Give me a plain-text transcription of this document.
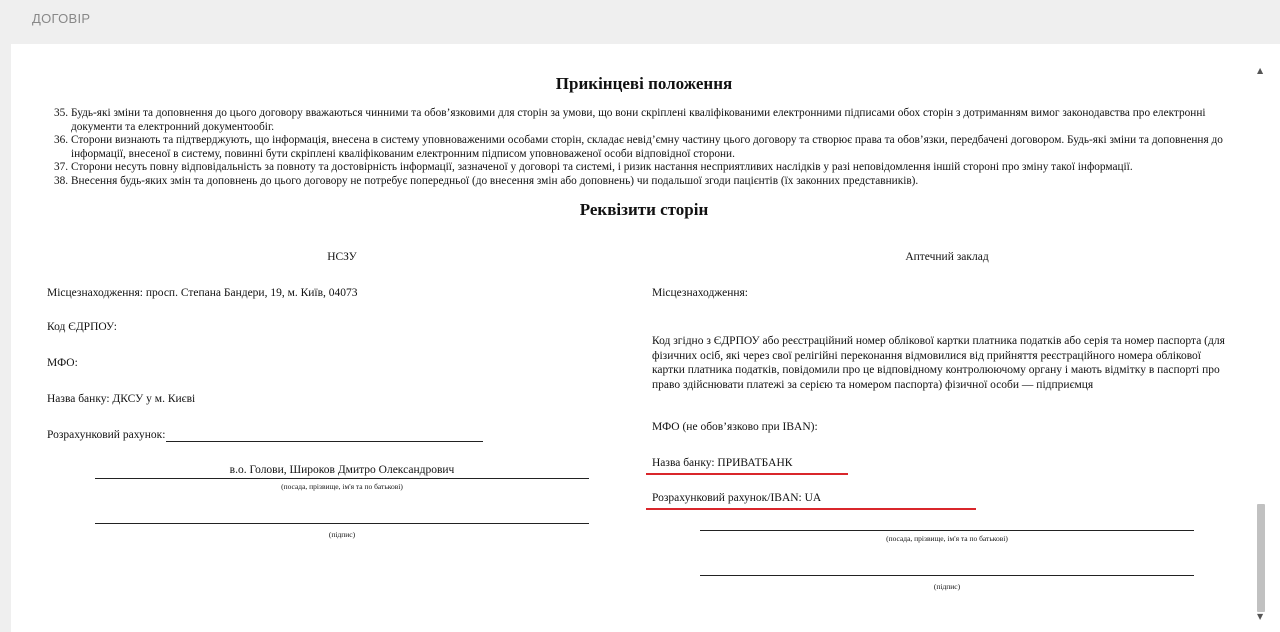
ДОГОВІР
▲
▼
Прикінцеві положення
35. Будь-які зміни та доповнення до цього договору вважаються чинними та обов’язковими для сторін за умови, що вони скріплені кваліфікованими електронними підписами обох сторін з дотриманням вимог законодавства про електронні документи та електронний документообіг.
36. Сторони визнають та підтверджують, що інформація, внесена в систему уповноваженими особами сторін, складає невід’ємну частину цього договору та створює права та обов’язки, передбачені договором. Будь-які зміни та доповнення до інформації, внесеної в систему, повинні бути скріплені кваліфікованим електронним підписом уповноваженої особи відповідної сторони.
37. Сторони несуть повну відповідальність за повноту та достовірність інформації, зазначеної у договорі та системі, і ризик настання несприятливих наслідків у разі неповідомлення іншій стороні про зміну такої інформації.
38. Внесення будь-яких змін та доповнень до цього договору не потребує попередньої (до внесення змін або доповнень) чи подальшої згоди пацієнтів (їх законних представників).
Реквізити сторін
НСЗУ
Місцезнаходження: просп. Степана Бандери, 19, м. Київ, 04073
Код ЄДРПОУ:
МФО:
Назва банку: ДКСУ у м. Києві
Розрахунковий рахунок:
в.о. Голови, Широков Дмитро Олександрович
(посада, прізвище, ім'я та по батькові)
(підпис)
Аптечний заклад
Місцезнаходження:
Код згідно з ЄДРПОУ або реєстраційний номер облікової картки платника податків або серія та номер паспорта (для фізичних осіб, які через свої релігійні переконання відмовилися від прийняття реєстраційного номера облікової картки платника податків, повідомили про це відповідному контролюючому органу і мають відмітку в паспорті про право здійснювати платежі за серією та номером паспорта) фізичної особи — підприємця
МФО (не обов’язково при IBAN):
Назва банку: ПРИВАТБАНК
Розрахунковий рахунок/IBAN: UA
(посада, прізвище, ім'я та по батькові)
(підпис)
